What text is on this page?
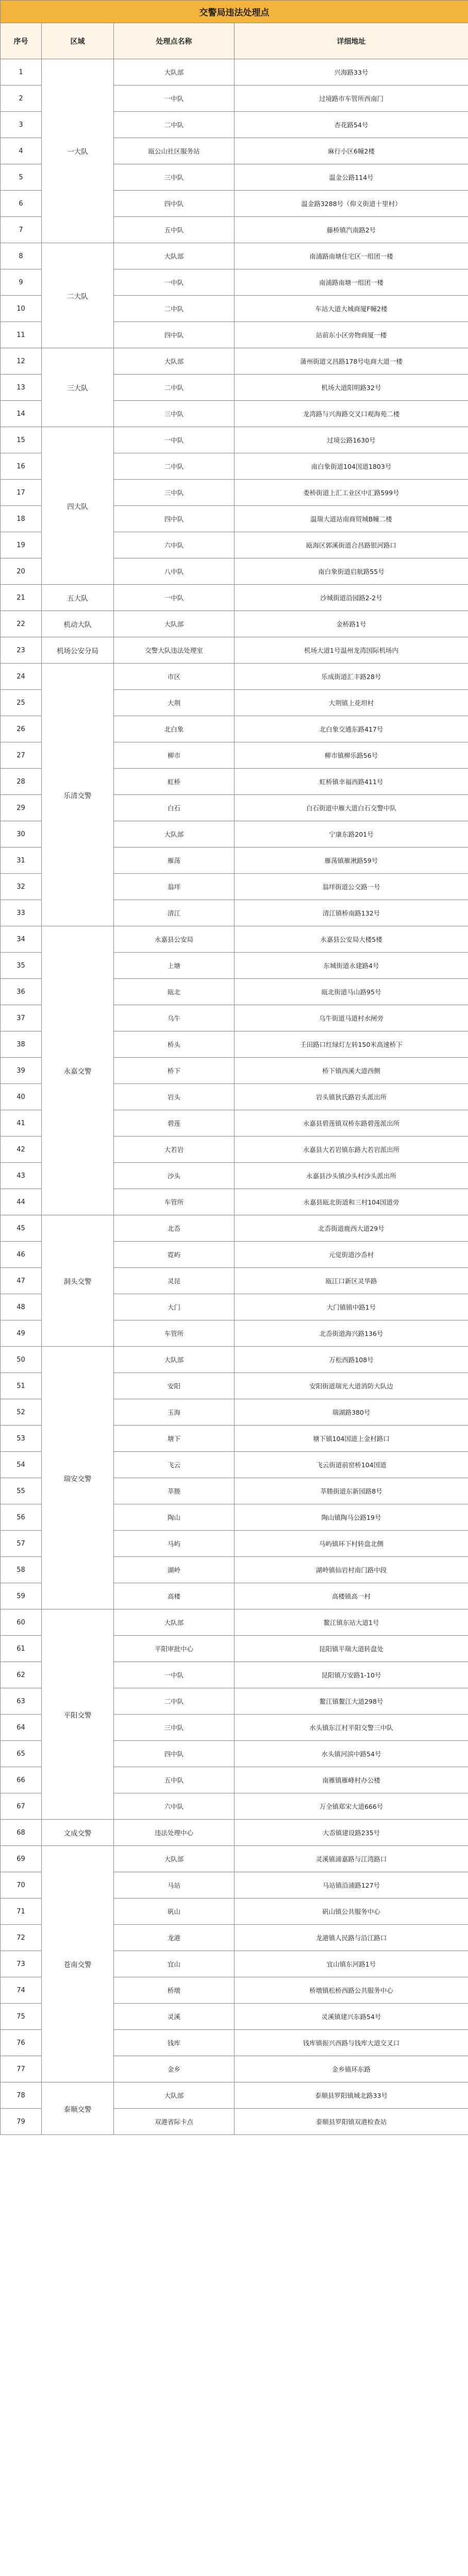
交警局违法处理点			
序号	区域	处理点名称	详细地址
1	一大队	大队部	兴海路33号
2		一中队	过境路市车管所西南门
3		二中队	杏花路54号
4		瓯公山社区服务站	麻行小区6幢2楼
5		三中队	温金公路114号
6		四中队	温金路3288号（仰义街道十里村）
7		五中队	藤桥镇汽南路2号
8	二大队	大队部	南浦路南塘住宅区一组团一楼
9		一中队	南浦路南塘一组团一楼
10		二中队	车站大道大城商厦F幢2楼
11		四中队	站前东小区旁物商厦一楼
12	三大队	大队部	蒲州街道文昌路178号电商大道一楼
13		二中队	机场大道阳明路32号
14		三中队	龙湾路与兴海路交叉口观海苑二楼
15	四大队	一中队	过境公路1630号
16		二中队	南白象街道104国道1803号
17		三中队	娄桥街道上汇工业区中汇路599号
18		四中队	温瑞大道站南商贸城B幢二楼
19		六中队	瓯海区郭溪街道合昌路银河路口
20		八中队	南白象街道启航路55号
21	五大队	一中队	沙城街道沿园路2-2号
22	机动大队	大队部	金桥路1号
23	机场公安分局	交警大队违法处理室	机场大道1号温州龙湾国际机场内
24	乐清交警	市区	乐成街道汇丰路28号
25		大荆	大荆镇上花坦村
26		北白象	北白象交通东路417号
27		柳市	柳市镇柳乐路56号
28		虹桥	虹桥镇幸福西路411号
29		白石	白石街道中雁大道白石交警中队
30		大队部	宁康东路201号
31		雁荡	雁荡镇雁湫路59号
32		翁垟	翁垟街道公交路一号
33		清江	清江镇桥南路132号
34	永嘉交警	永嘉县公安局	永嘉县公安局大楼5楼
35		上塘	东城街道永建路4号
36		瓯北	瓯北街道马山路95号
37		乌牛	乌牛街道马道村水闸旁
38		桥头	壬田路口红绿灯左转150米高速桥下
39		桥下	桥下镇西溪大道西侧
40		岩头	岩头镇狄氏路岩头派出所
41		碧莲	永嘉县碧莲镇双桥东路碧莲派出所
42		大若岩	永嘉县大若岩镇东路大若岩派出所
43		沙头	永嘉县沙头镇沙头村沙头派出所
44		车管所	永嘉县瓯北街道和三村104国道旁
45	洞头交警	北岙	北岙街道鹿西大道29号
46		霓屿	元觉街道沙岙村
47		灵昆	瓯江口新区灵华路
48		大门	大门镇镇中路1号
49		车管所	北岙街道海兴路136号
50	瑞安交警	大队部	万松西路108号
51		安阳	安阳街道瑞光大道消防大队边
52		玉海	瑞湖路380号
53		塘下	塘下镇104国道上金村路口
54		飞云	飞云街道前窑桥104国道
55		莘塍	莘塍街道东新园路8号
56		陶山	陶山镇陶马公路19号
57		马屿	马屿镇环下村转盘北侧
58		湖岭	湖岭镇仙岩村南门路中段
59		高楼	高楼镇高一村
60	平阳交警	大队部	鳌江镇东站大道1号
61		平阳审批中心	昆阳镇平瑞大道转盘处
62		一中队	昆阳镇万安路1-10号
63		二中队	鳌江镇鳌江大道298号
64		三中队	水头镇东江村平阳交警三中队
65		四中队	水头镇河滨中路54号
66		五中队	南雁镇雁峰村办公楼
67		六中队	万全镇郑宋大道666号
68	文成交警	违法处理中心	大岙镇建设路235号
69	苍南交警	大队部	灵溪镇浦嘉路与江湾路口
70		马站	马站镇沿浦路127号
71		矾山	矾山镇公共服务中心
72		龙港	龙港镇人民路与沿江路口
73		宜山	宜山镇东河路1号
74		桥墩	桥墩镇松桥西路公共服务中心
75		灵溪	灵溪镇建兴东路54号
76		钱库	钱库镇振兴西路与钱库大道交叉口
77		金乡	金乡镇环东路
78	泰顺交警	大队部	泰顺县罗阳镇城北路33号
79		双港省际卡点	泰顺县罗阳镇双港检查站
